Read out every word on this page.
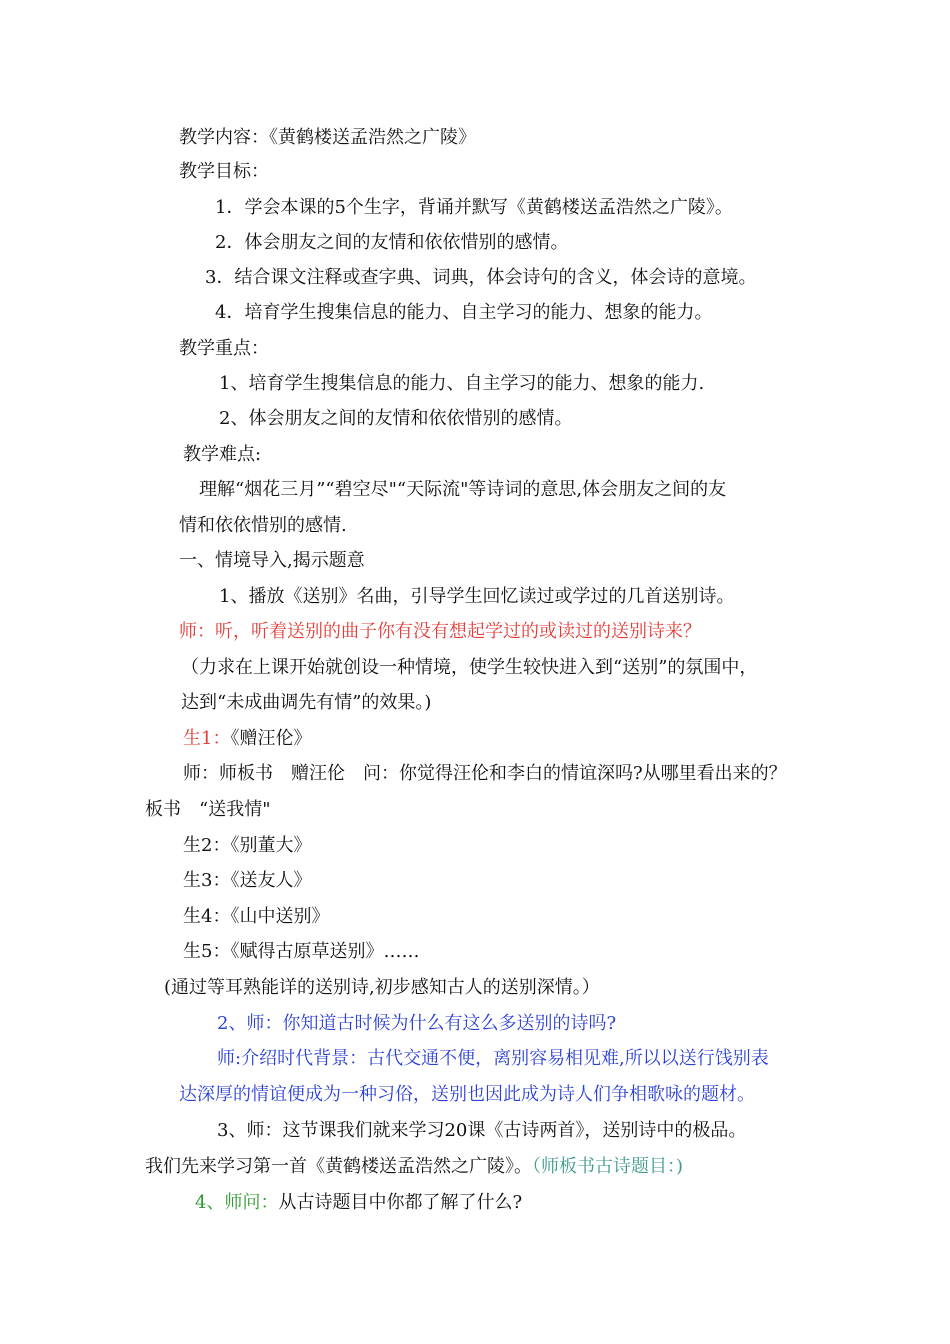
教学内容：《黄鹤楼送孟浩然之广陵》
教学目标：
1．学会本课的5个生字，背诵并默写《黄鹤楼送孟浩然之广陵》。
2．体会朋友之间的友情和依依惜别的感情。
3．结合课文注释或查字典、词典，体会诗句的含义，体会诗的意境。
4．培育学生搜集信息的能力、自主学习的能力、想象的能力。
教学重点：
1、培育学生搜集信息的能力、自主学习的能力、想象的能力.
2、体会朋友之间的友情和依依惜别的感情。
教学难点:
理解“烟花三月”“碧空尽"“天际流"等诗词的意思,体会朋友之间的友
情和依依惜别的感情.
一、情境导入,揭示题意
1、播放《送别》名曲，引导学生回忆读过或学过的几首送别诗。
师：听，听着送别的曲子你有没有想起学过的或读过的送别诗来？
（力求在上课开始就创设一种情境，使学生较快进入到“送别”的氛围中，
达到“未成曲调先有情”的效果。)
生1：《赠汪伦》
师：师板书　赠汪伦　问：你觉得汪伦和李白的情谊深吗?从哪里看出来的？
板书　“送我情"
生2：《别董大》
生3：《送友人》
生4：《山中送别》
生5：《赋得古原草送别》……
(通过等耳熟能详的送别诗,初步感知古人的送别深情。）
2、师：你知道古时候为什么有这么多送别的诗吗?
师:介绍时代背景：古代交通不便，离别容易相见难,所以以送行饯别表
达深厚的情谊便成为一种习俗，送别也因此成为诗人们争相歌咏的题材。
3、师：这节课我们就来学习20课《古诗两首》，送别诗中的极品。
我们先来学习第一首《黄鹤楼送孟浩然之广陵》。（师板书古诗题目：)
4、师问：从古诗题目中你都了解了什么?
